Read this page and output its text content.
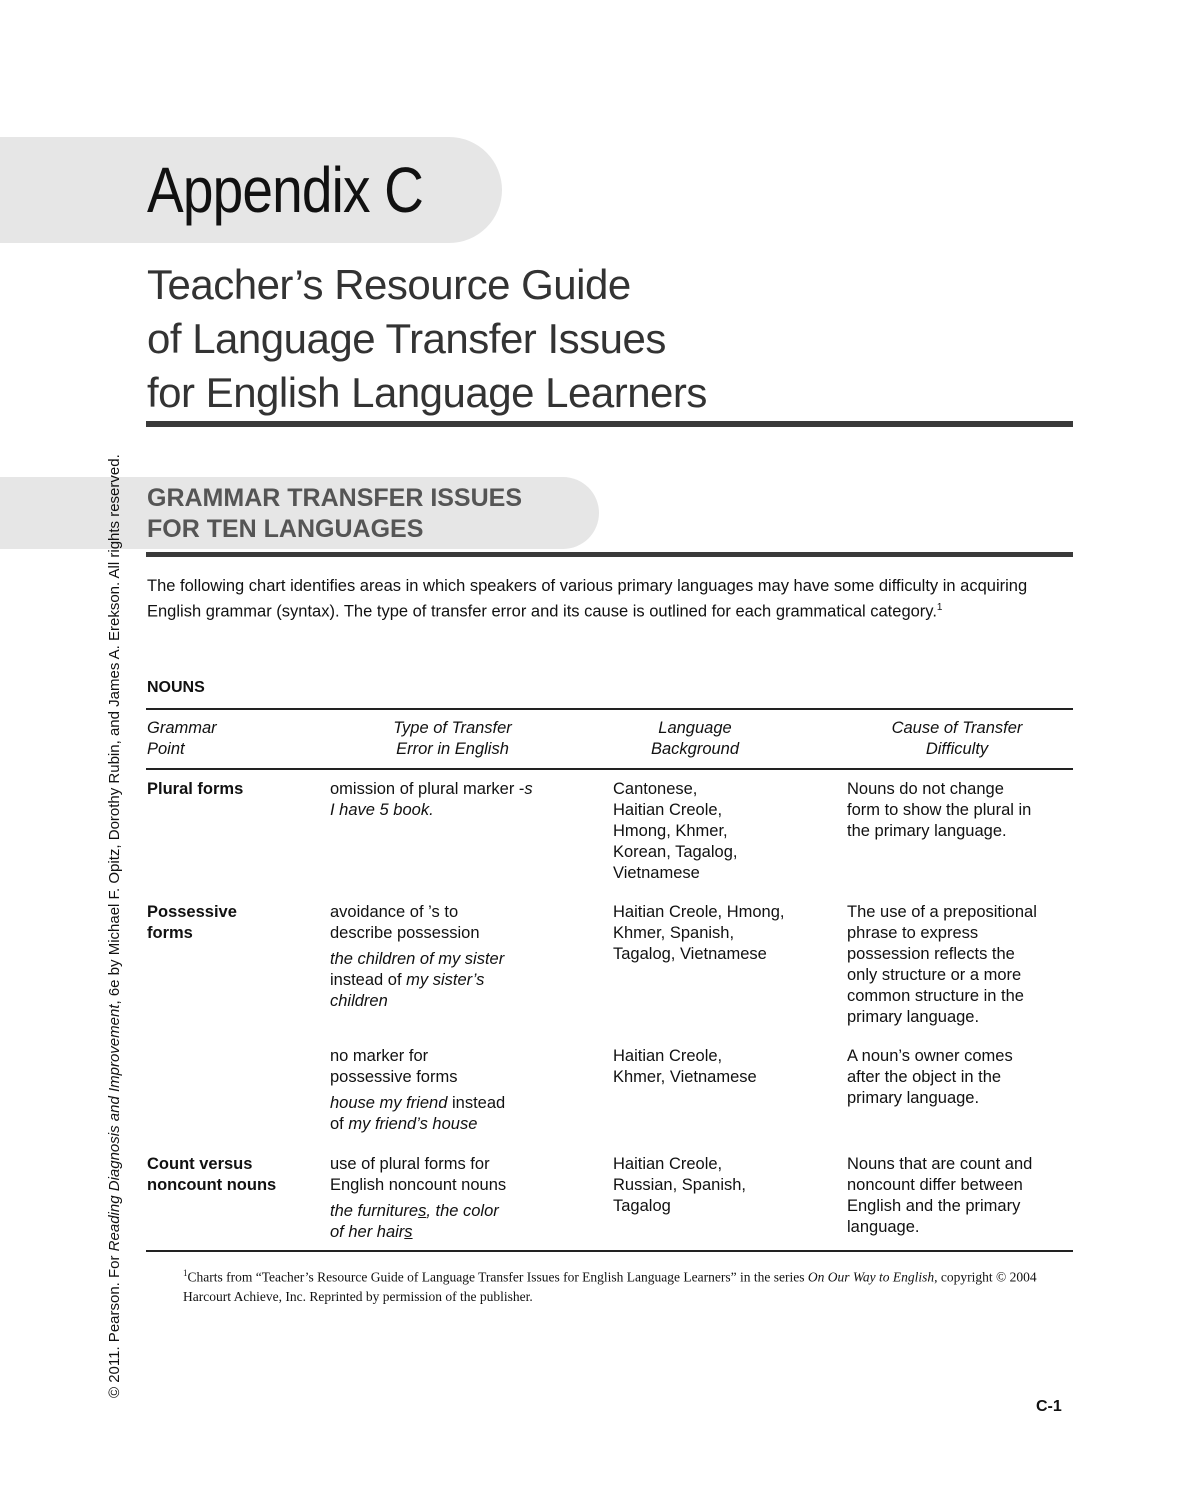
Appendix C
Teacher’s Resource Guide
of Language Transfer Issues
for English Language Learners
GRAMMAR TRANSFER ISSUES
FOR TEN LANGUAGES
The following chart identifies areas in which speakers of various primary languages may have some difficulty in acquiring English grammar (syntax). The type of transfer error and its cause is outlined for each grammatical category.$^1$
NOUNS
Grammar
Point
Type of Transfer
Error in English
Language
Background
Cause of Transfer
Difficulty
Plural forms	omission of plural marker -s
I have 5 book.
Cantonese,
Haitian Creole,
Hmong, Khmer,
Korean, Tagalog,
Vietnamese
Nouns do not change
form to show the plural in
the primary language.
Possessive
forms

avoidance of ’s to
describe possession

the children of my sister
instead of my sister’s
children

Haitian Creole, Hmong,
Khmer, Spanish,
Tagalog, Vietnamese
The use of a prepositional
phrase to express
possession reflects the
only structure or a more
common structure in the
primary language.

no marker for
possessive forms

house my friend instead
of my friend’s house

Haitian Creole,
Khmer, Vietnamese
A noun’s owner comes
after the object in the
primary language.
Count versus
noncount nouns

use of plural forms for
English noncount nouns

the furnitures, the color
of her hairs

Haitian Creole,
Russian, Spanish,
Tagalog
Nouns that are count and
noncount differ between
English and the primary
language.
$^1$Charts from “Teacher’s Resource Guide of Language Transfer Issues for English Language Learners” in the series On Our Way to English, copyright © 2004 Harcourt Achieve, Inc. Reprinted by permission of the publisher.
C-1
© 2011. Pearson. For Reading Diagnosis and Improvement, 6e by Michael F. Opitz, Dorothy Rubin, and James A. Erekson. All rights reserved.
